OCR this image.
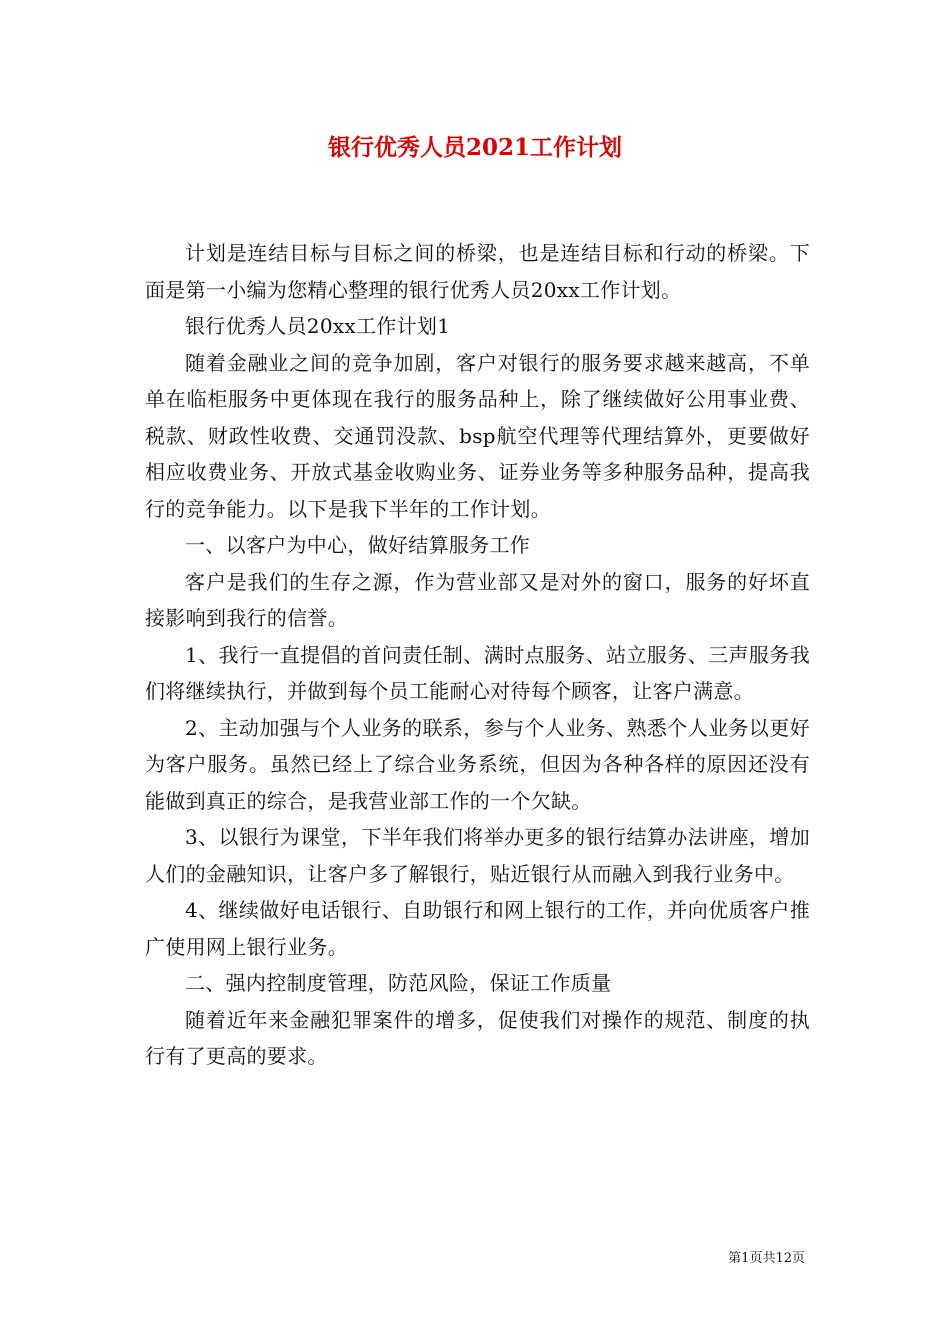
银行优秀人员2021工作计划

计划是连结目标与目标之间的桥梁，也是连结目标和行动的桥梁。下面是第一小编为您精心整理的银行优秀人员20xx工作计划。

银行优秀人员20xx工作计划1

随着金融业之间的竞争加剧，客户对银行的服务要求越来越高，不单单在临柜服务中更体现在我行的服务品种上，除了继续做好公用事业费、税款、财政性收费、交通罚没款、bsp航空代理等代理结算外，更要做好相应收费业务、开放式基金收购业务、证券业务等多种服务品种，提高我行的竞争能力。以下是我下半年的工作计划。

一、以客户为中心，做好结算服务工作

客户是我们的生存之源，作为营业部又是对外的窗口，服务的好坏直接影响到我行的信誉。

1、我行一直提倡的首问责任制、满时点服务、站立服务、三声服务我们将继续执行，并做到每个员工能耐心对待每个顾客，让客户满意。

2、主动加强与个人业务的联系，参与个人业务、熟悉个人业务以更好为客户服务。虽然已经上了综合业务系统，但因为各种各样的原因还没有能做到真正的综合，是我营业部工作的一个欠缺。

3、以银行为课堂，下半年我们将举办更多的银行结算办法讲座，增加人们的金融知识，让客户多了解银行，贴近银行从而融入到我行业务中。

4、继续做好电话银行、自助银行和网上银行的工作，并向优质客户推广使用网上银行业务。

二、强内控制度管理，防范风险，保证工作质量

随着近年来金融犯罪案件的增多，促使我们对操作的规范、制度的执行有了更高的要求。

第1页共12页
